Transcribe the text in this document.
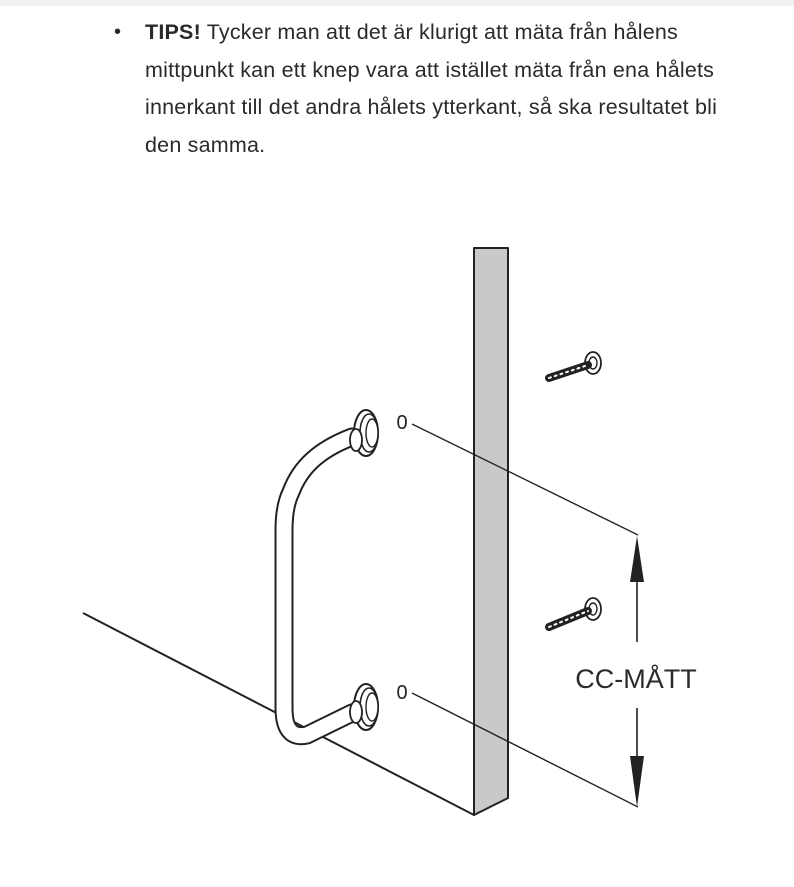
• TIPS! Tycker man att det är klurigt att mäta från hålens mittpunkt kan ett knep vara att istället mäta från ena hålets innerkant till det andra hålets ytterkant, så ska resultatet bli den samma.
0
0	CC-MÅTT
